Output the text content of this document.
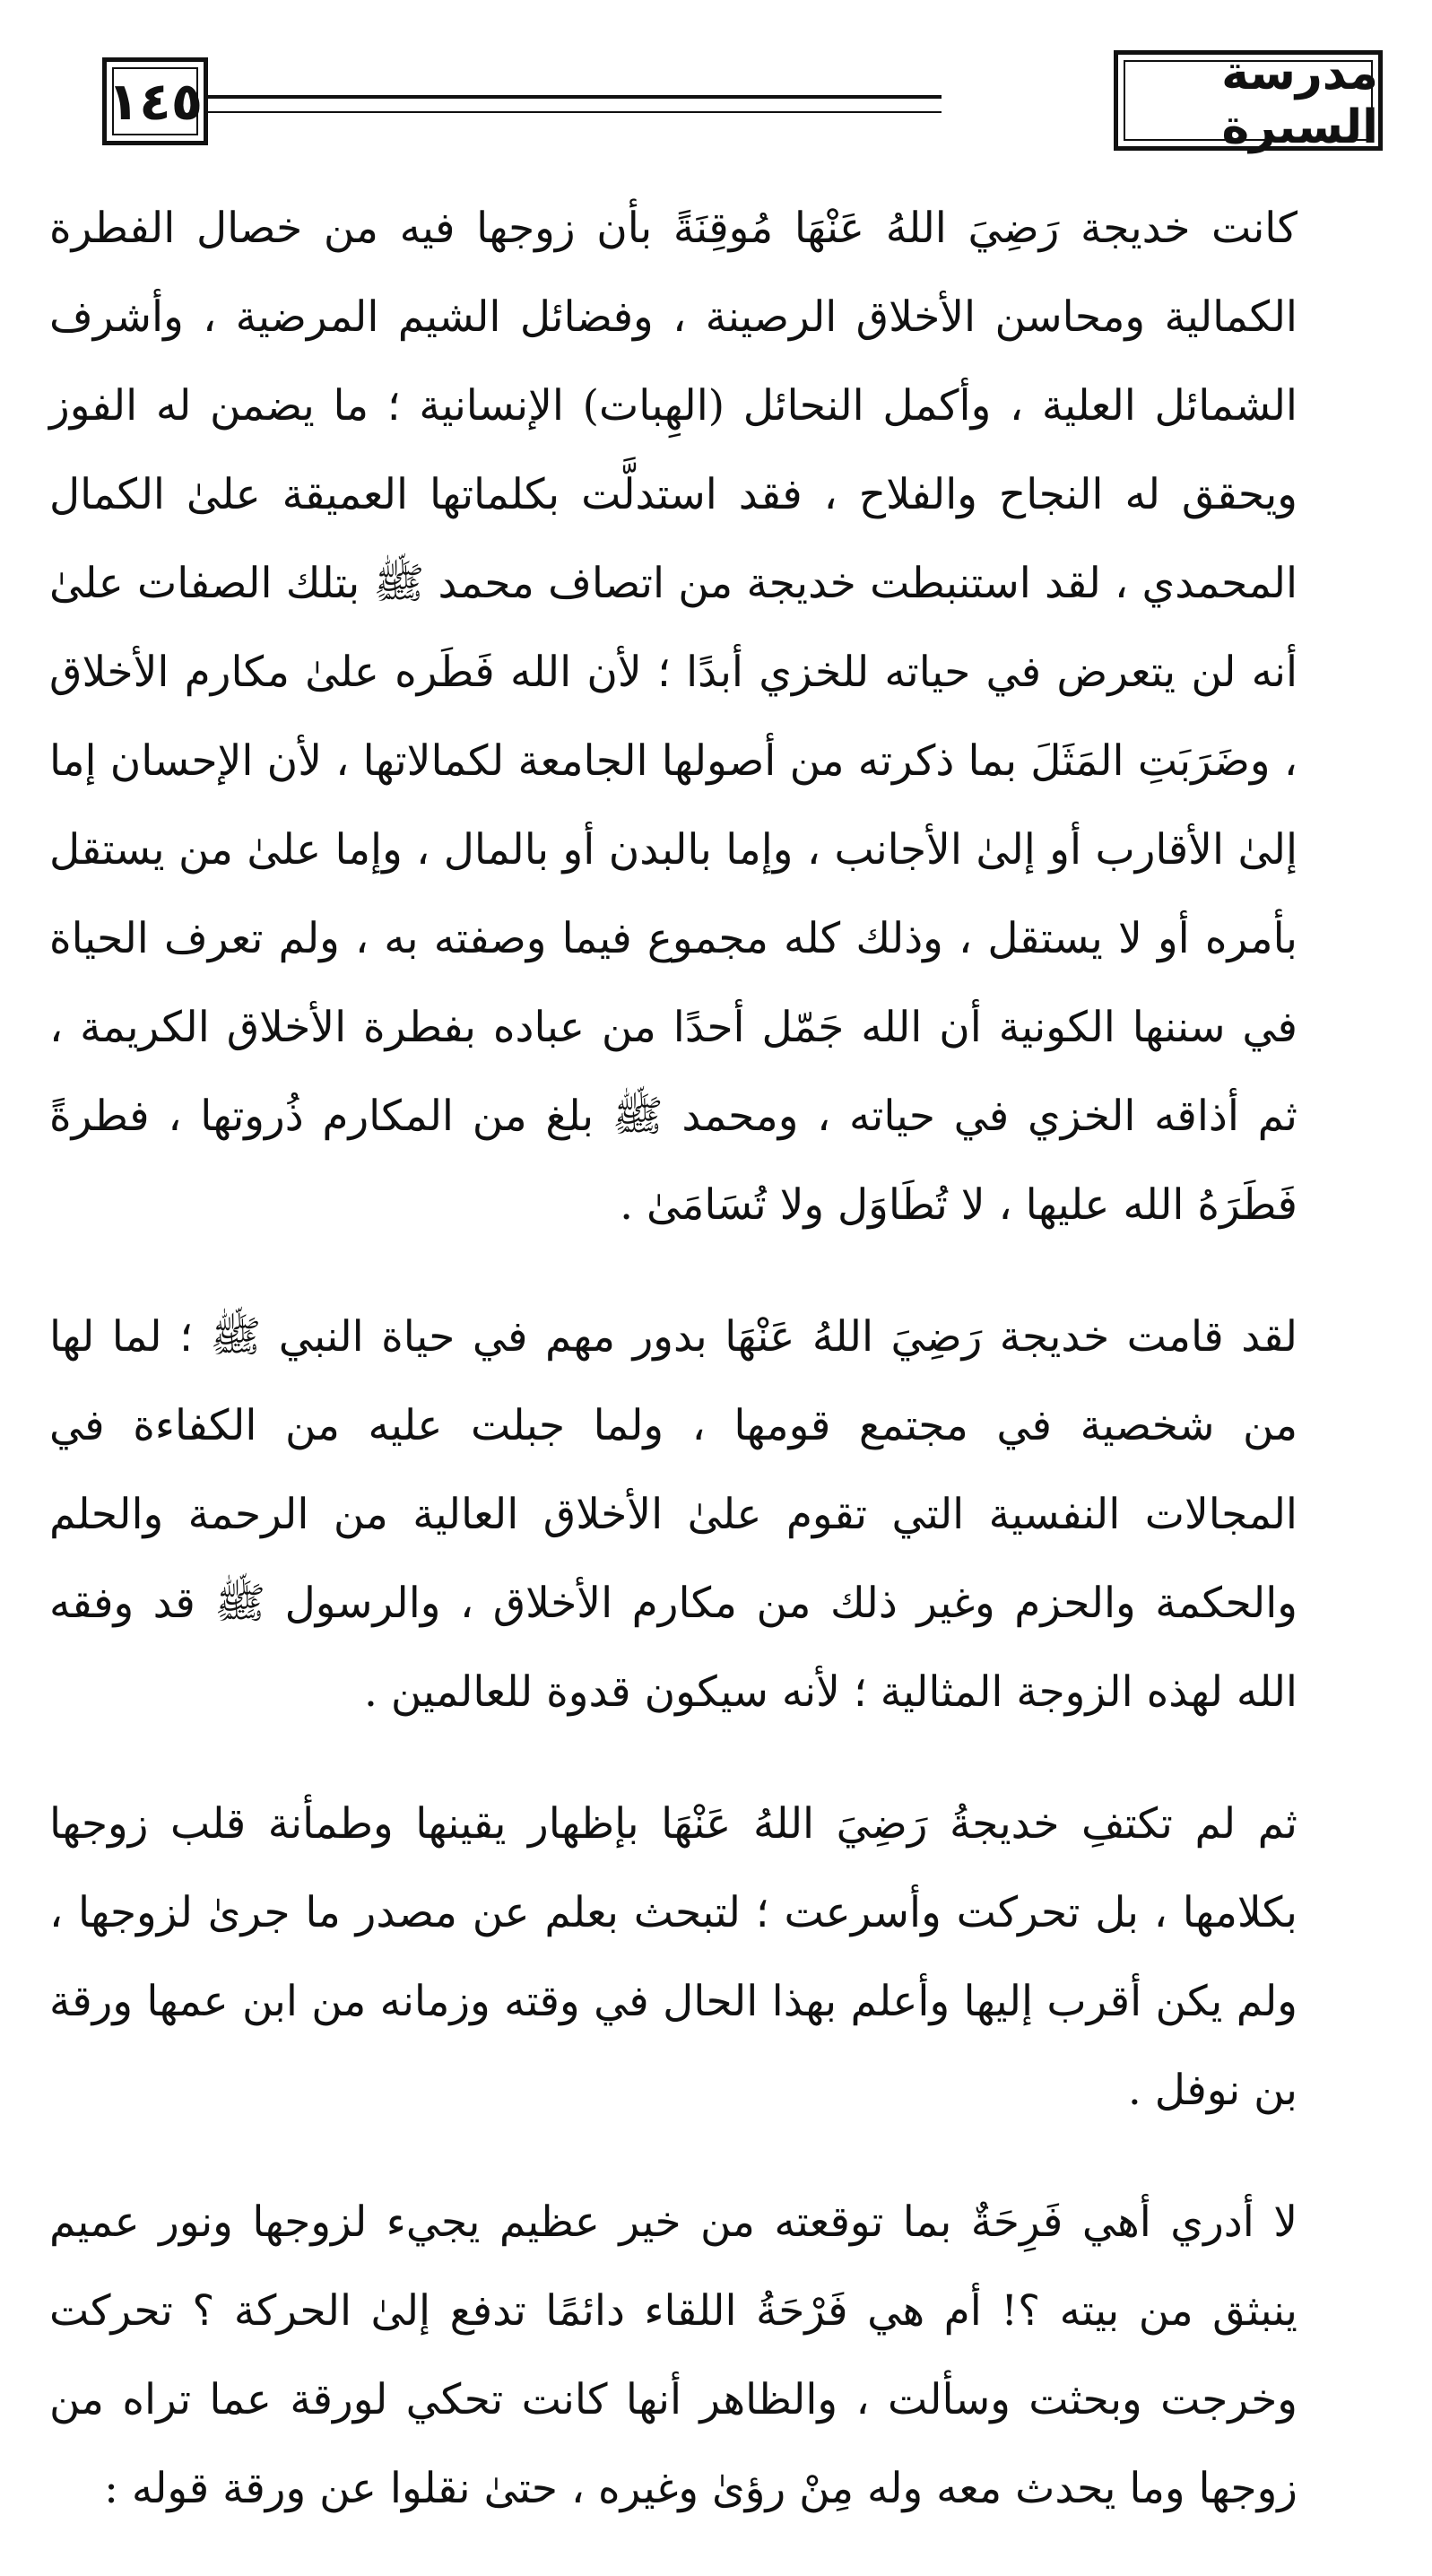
١٤٥	مدرسة السيرة

كانت خديجة رَضِيَ اللهُ عَنْهَا مُوقِنَةً بأن زوجها فيه من خصال الفطرة الكمالية ومحاسن الأخلاق الرصينة ، وفضائل الشيم المرضية ، وأشرف الشمائل العلية ، وأكمل النحائل (الهِبات) الإنسانية ؛ ما يضمن له الفوز ويحقق له النجاح والفلاح ، فقد استدلَّت بكلماتها العميقة علىٰ الكمال المحمدي ، لقد استنبطت خديجة من اتصاف محمد ﷺ بتلك الصفات علىٰ أنه لن يتعرض في حياته للخزي أبدًا ؛ لأن الله فَطَره علىٰ مكارم الأخلاق ، وضَرَبَتِ المَثَلَ بما ذكرته من أصولها الجامعة لكمالاتها ، لأن الإحسان إما إلىٰ الأقارب أو إلىٰ الأجانب ، وإما بالبدن أو بالمال ، وإما علىٰ من يستقل بأمره أو لا يستقل ، وذلك كله مجموع فيما وصفته به ، ولم تعرف الحياة في سننها الكونية أن الله جَمّل أحدًا من عباده بفطرة الأخلاق الكريمة ، ثم أذاقه الخزي في حياته ، ومحمد ﷺ بلغ من المكارم ذُروتها ، فطرةً فَطَرَهُ الله عليها ، لا تُطَاوَل ولا تُسَامَىٰ .

لقد قامت خديجة رَضِيَ اللهُ عَنْهَا بدور مهم في حياة النبي ﷺ ؛ لما لها من شخصية في مجتمع قومها ، ولما جبلت عليه من الكفاءة في المجالات النفسية التي تقوم علىٰ الأخلاق العالية من الرحمة والحلم والحكمة والحزم وغير ذلك من مكارم الأخلاق ، والرسول ﷺ قد وفقه الله لهذه الزوجة المثالية ؛ لأنه سيكون قدوة للعالمين .

ثم لم تكتفِ خديجةُ رَضِيَ اللهُ عَنْهَا بإظهار يقينها وطمأنة قلب زوجها بكلامها ، بل تحركت وأسرعت ؛ لتبحث بعلم عن مصدر ما جرىٰ لزوجها ، ولم يكن أقرب إليها وأعلم بهذا الحال في وقته وزمانه من ابن عمها ورقة بن نوفل .

لا أدري أهي فَرِحَةٌ بما توقعته من خير عظيم يجيء لزوجها ونور عميم ينبثق من بيته ؟! أم هي فَرْحَةُ اللقاء دائمًا تدفع إلىٰ الحركة ؟ تحركت وخرجت وبحثت وسألت ، والظاهر أنها كانت تحكي لورقة عما تراه من زوجها وما يحدث معه وله مِنْ رؤىٰ وغيره ، حتىٰ نقلوا عن ورقة قوله :
